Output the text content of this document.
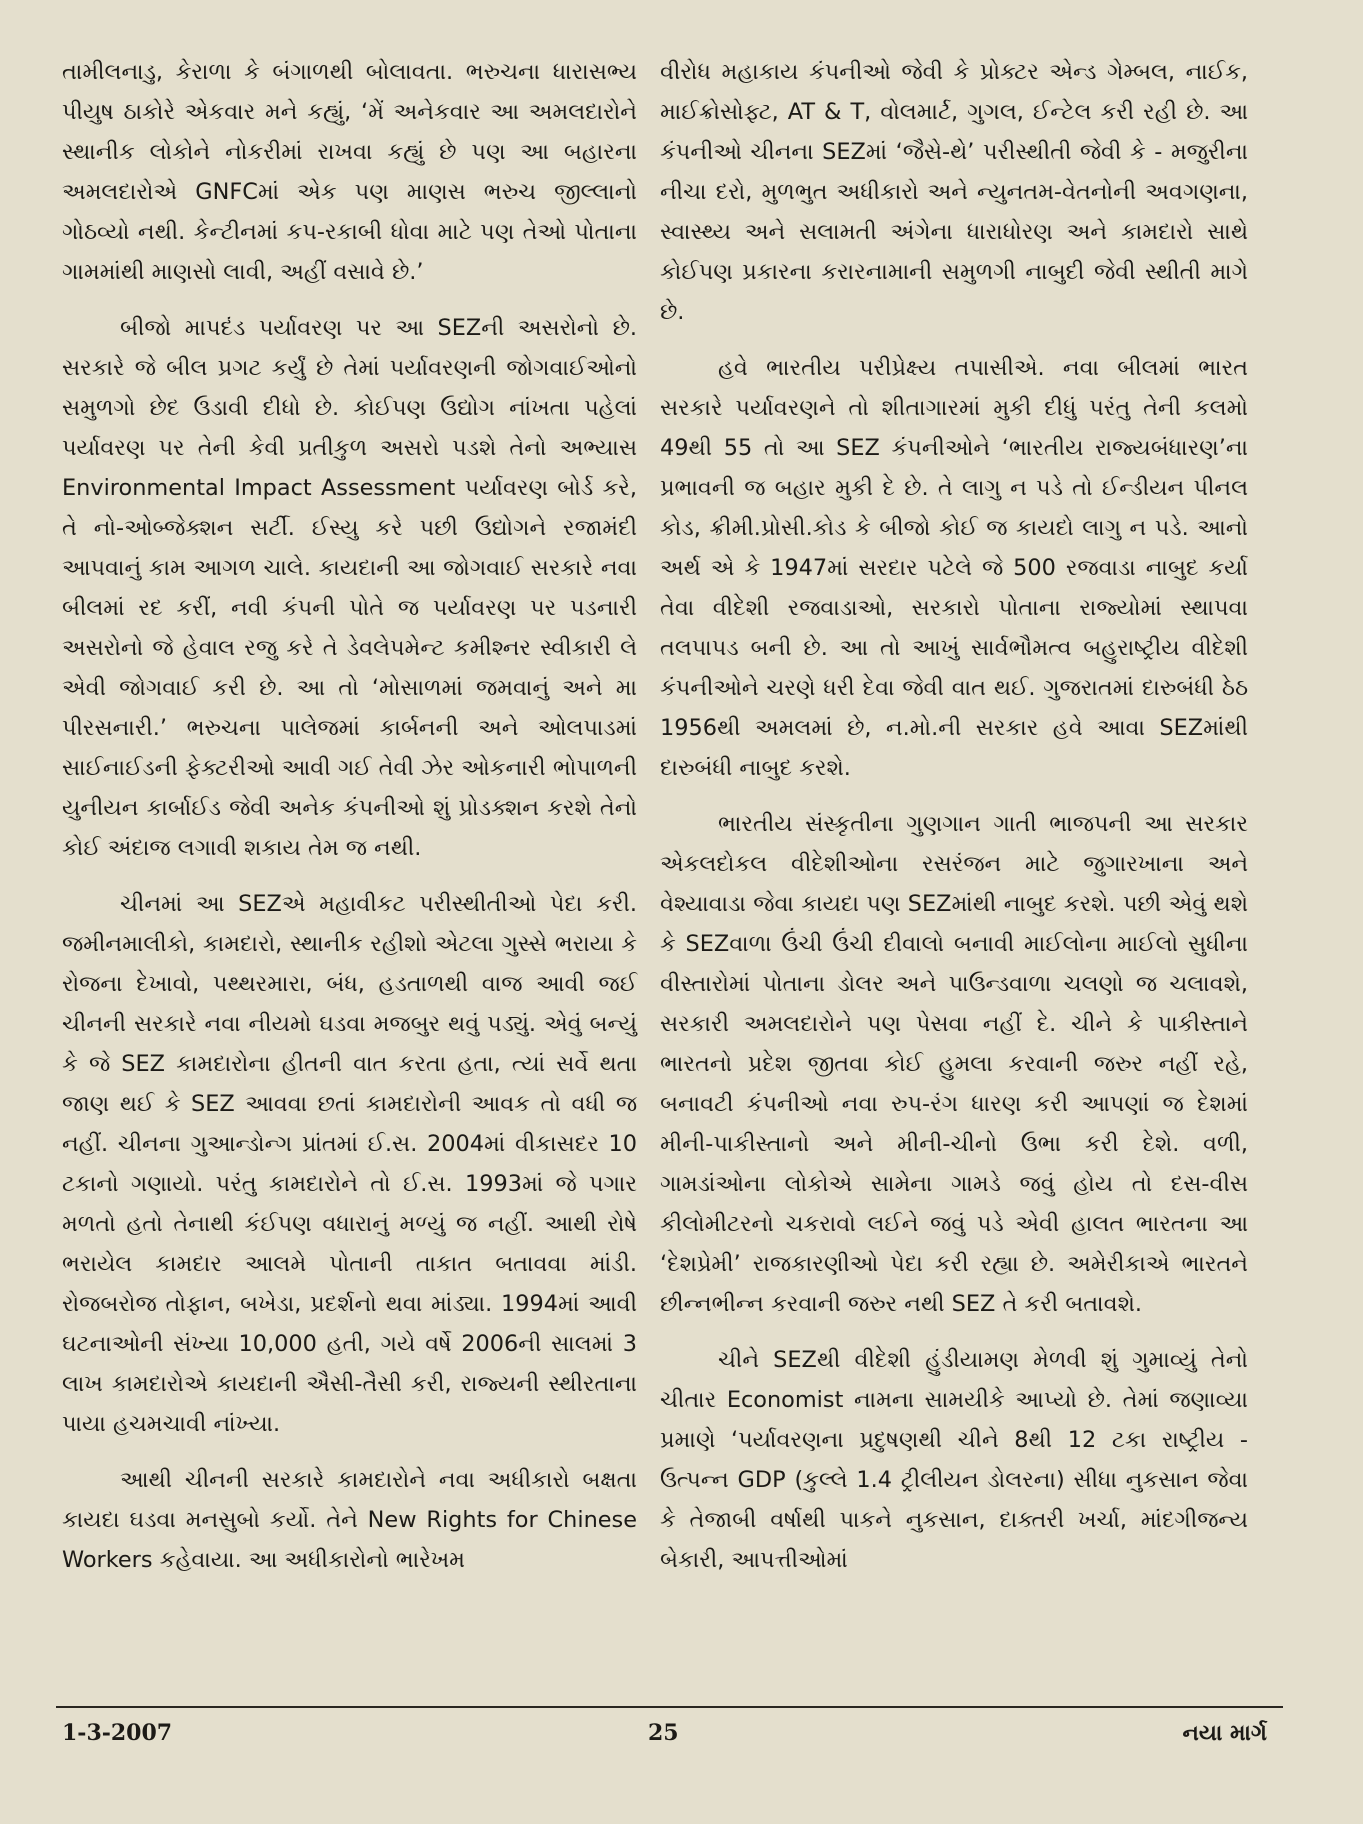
તામીલનાડુ, કેરાળા કે બંગાળથી બોલાવતા. ભરુચના ધારાસભ્ય પીયુષ ઠાકોરે એકવાર મને કહ્યું, ‘મેં અનેકવાર આ અમલદારોને સ્થાનીક લોકોને નોકરીમાં રાખવા કહ્યું છે પણ આ બહારના અમલદારોએ GNFCમાં એક પણ માણસ ભરુચ જીલ્લાનો ગોઠવ્યો નથી. કેન્ટીનમાં કપ-રકાબી ધોવા માટે પણ તેઓ પોતાના ગામમાંથી માણસો લાવી, અહીં વસાવે છે.’

બીજો માપદંડ પર્યાવરણ પર આ SEZની અસરોનો છે. સરકારે જે બીલ પ્રગટ કર્યું છે તેમાં પર્યાવરણની જોગવાઈઓનો સમુળગો છેદ ઉડાવી દીધો છે. કોઈપણ ઉદ્યોગ નાંખતા પહેલાં પર્યાવરણ પર તેની કેવી પ્રતીકુળ અસરો પડશે તેનો અભ્યાસ Environmental Impact Assessment પર્યાવરણ બોર્ડ કરે, તે નો-ઓબ્જેક્શન સર્ટી. ઈસ્યુ કરે પછી ઉદ્યોગને રજામંદી આપવાનું કામ આગળ ચાલે. કાયદાની આ જોગવાઈ સરકારે નવા બીલમાં રદ કરીં, નવી કંપની પોતે જ પર્યાવરણ પર પડનારી અસરોનો જે હેવાલ રજુ કરે તે ડેવલેપમેન્ટ કમીશ્નર સ્વીકારી લે એવી જોગવાઈ કરી છે. આ તો ‘મોસાળમાં જમવાનું અને મા પીરસનારી.’ ભરુચના પાલેજમાં કાર્બનની અને ઓલપાડમાં સાઈનાઈડની ફેક્ટરીઓ આવી ગઈ તેવી ઝેર ઓકનારી ભોપાળની યુનીયન કાર્બાઈડ જેવી અનેક કંપનીઓ શું પ્રોડક્શન કરશે તેનો કોઈ અંદાજ લગાવી શકાય તેમ જ નથી.

ચીનમાં આ SEZએ મહાવીકટ પરીસ્થીતીઓ પેદા કરી. જમીનમાલીકો, કામદારો, સ્થાનીક રહીશો એટલા ગુસ્સે ભરાયા કે રોજના દેખાવો, પથ્થરમારા, બંધ, હડતાળથી વાજ આવી જઈ ચીનની સરકારે નવા નીયમો ઘડવા મજબુર થવું પડ્યું. એવું બન્યું કે જે SEZ કામદારોના હીતની વાત કરતા હતા, ત્યાં સર્વે થતા જાણ થઈ કે SEZ આવવા છતાં કામદારોની આવક તો વધી જ નહીં. ચીનના ગુઆન્ડોન્ગ પ્રાંતમાં ઈ.સ. 2004માં વીકાસદર 10 ટકાનો ગણાયો. પરંતુ કામદારોને તો ઈ.સ. 1993માં જે પગાર મળતો હતો તેનાથી કંઈપણ વધારાનું મળ્યું જ નહીં. આથી રોષે ભરાયેલ કામદાર આલમે પોતાની તાકાત બતાવવા માંડી. રોજબરોજ તોફાન, બખેડા, પ્રદર્શનો થવા માંડ્યા. 1994માં આવી ઘટનાઓની સંખ્યા 10,000 હતી, ગયે વર્ષે 2006ની સાલમાં 3 લાખ કામદારોએ કાયદાની ઐસી-તૈસી કરી, રાજ્યની સ્થીરતાના પાયા હચમચાવી નાંખ્યા.

આથી ચીનની સરકારે કામદારોને નવા અધીકારો બક્ષતા કાયદા ઘડવા મનસુબો કર્યો. તેને New Rights for Chinese Workers કહેવાયા. આ અધીકારોનો ભારેખમ

વીરોધ મહાકાય કંપનીઓ જેવી કે પ્રોક્ટર એન્ડ ગેમ્બલ, નાઈક, માઈક્રોસોફ્ટ, AT & T, વોલમાર્ટ, ગુગલ, ઈન્ટેલ કરી રહી છે. આ કંપનીઓ ચીનના SEZમાં ‘જૈસે-થે’ પરીસ્થીતી જેવી કે - મજુરીના નીચા દરો, મુળભુત અધીકારો અને ન્યુનતમ-વેતનોની અવગણના, સ્વાસ્થ્ય અને સલામતી અંગેના ધારાધોરણ અને કામદારો સાથે કોઈપણ પ્રકારના કરારનામાની સમુળગી નાબુદી જેવી સ્થીતી માગે છે.

હવે ભારતીય પરીપ્રેક્ષ્ય તપાસીએ. નવા બીલમાં ભારત સરકારે પર્યાવરણને તો શીતાગારમાં મુકી દીધું પરંતુ તેની કલમો 49થી 55 તો આ SEZ કંપનીઓને ‘ભારતીય રાજ્યબંધારણ’ના પ્રભાવની જ બહાર મુકી દે છે. તે લાગુ ન પડે તો ઈન્ડીયન પીનલ કોડ, ક્રીમી.પ્રોસી.કોડ કે બીજો કોઈ જ કાયદો લાગુ ન પડે. આનો અર્થ એ કે 1947માં સરદાર પટેલે જે 500 રજવાડા નાબુદ કર્યા તેવા વીદેશી રજવાડાઓ, સરકારો પોતાના રાજ્યોમાં સ્થાપવા તલપાપડ બની છે. આ તો આખું સાર્વભૌમત્વ બહુરાષ્ટ્રીય વીદેશી કંપનીઓને ચરણે ધરી દેવા જેવી વાત થઈ. ગુજરાતમાં દારુબંધી ઠેઠ 1956થી અમલમાં છે, ન.મો.ની સરકાર હવે આવા SEZમાંથી દારુબંધી નાબુદ કરશે.

ભારતીય સંસ્કૃતીના ગુણગાન ગાતી ભાજપની આ સરકાર એકલદોકલ વીદેશીઓના રસરંજન માટે જુગારખાના અને વેશ્યાવાડા જેવા કાયદા પણ SEZમાંથી નાબુદ કરશે. પછી એવું થશે કે SEZવાળા ઉંચી ઉંચી દીવાલો બનાવી માઈલોના માઈલો સુધીના વીસ્તારોમાં પોતાના ડોલર અને પાઉન્ડવાળા ચલણો જ ચલાવશે, સરકારી અમલદારોને પણ પેસવા નહીં દે. ચીને કે પાકીસ્તાને ભારતનો પ્રદેશ જીતવા કોઈ હુમલા કરવાની જરુર નહીં રહે, બનાવટી કંપનીઓ નવા રુપ-રંગ ધારણ કરી આપણાં જ દેશમાં મીની-પાકીસ્તાનો અને મીની-ચીનો ઉભા કરી દેશે. વળી, ગામડાંઓના લોકોએ સામેના ગામડે જવું હોય તો દસ-વીસ કીલોમીટરનો ચકરાવો લઈને જવું પડે એવી હાલત ભારતના આ ‘દેશપ્રેમી’ રાજકારણીઓ પેદા કરી રહ્યા છે. અમેરીકાએ ભારતને છીન્નભીન્ન કરવાની જરુર નથી SEZ તે કરી બતાવશે.

ચીને SEZથી વીદેશી હુંડીયામણ મેળવી શું ગુમાવ્યું તેનો ચીતાર Economist નામના સામયીકે આપ્યો છે. તેમાં જણાવ્યા પ્રમાણે ‘પર્યાવરણના પ્રદુષણથી ચીને 8થી 12 ટકા રાષ્ટ્રીય - ઉત્પન્ન GDP (કુલ્લે 1.4 ટ્રીલીયન ડોલરના) સીધા નુકસાન જેવા કે તેજાબી વર્ષાથી પાકને નુકસાન, દાક્તરી ખર્ચા, માંદગીજન્ય બેકારી, આપત્તીઓમાં

1-3-2007	25	નયા માર્ગ
